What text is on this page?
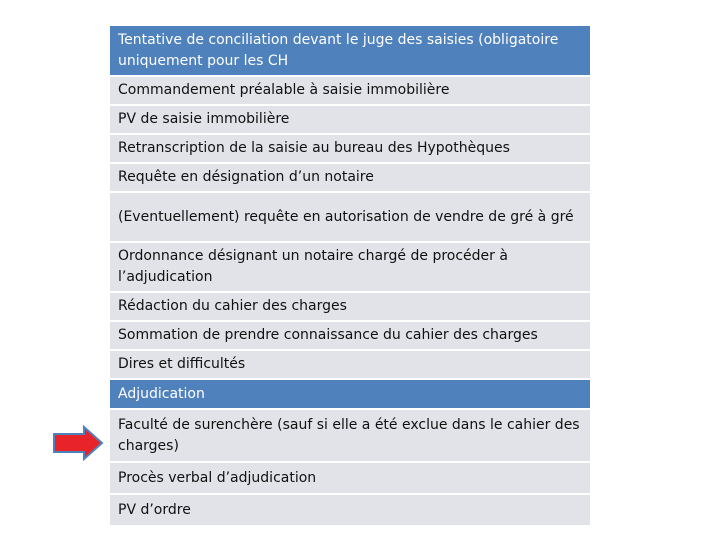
Tentative de conciliation devant le juge des saisies (obligatoire uniquement pour les CH
Commandement préalable à saisie immobilière
PV de saisie immobilière
Retranscription de la saisie au bureau des Hypothèques
Requête en désignation d’un notaire
(Eventuellement) requête en autorisation de vendre de gré à gré
Ordonnance désignant un notaire chargé de procéder à l’adjudication
Rédaction du cahier des charges
Sommation de prendre connaissance du cahier des charges
Dires et difficultés
Adjudication
Faculté de surenchère (sauf si elle a été exclue dans le cahier des charges)
Procès verbal d’adjudication
PV d’ordre
